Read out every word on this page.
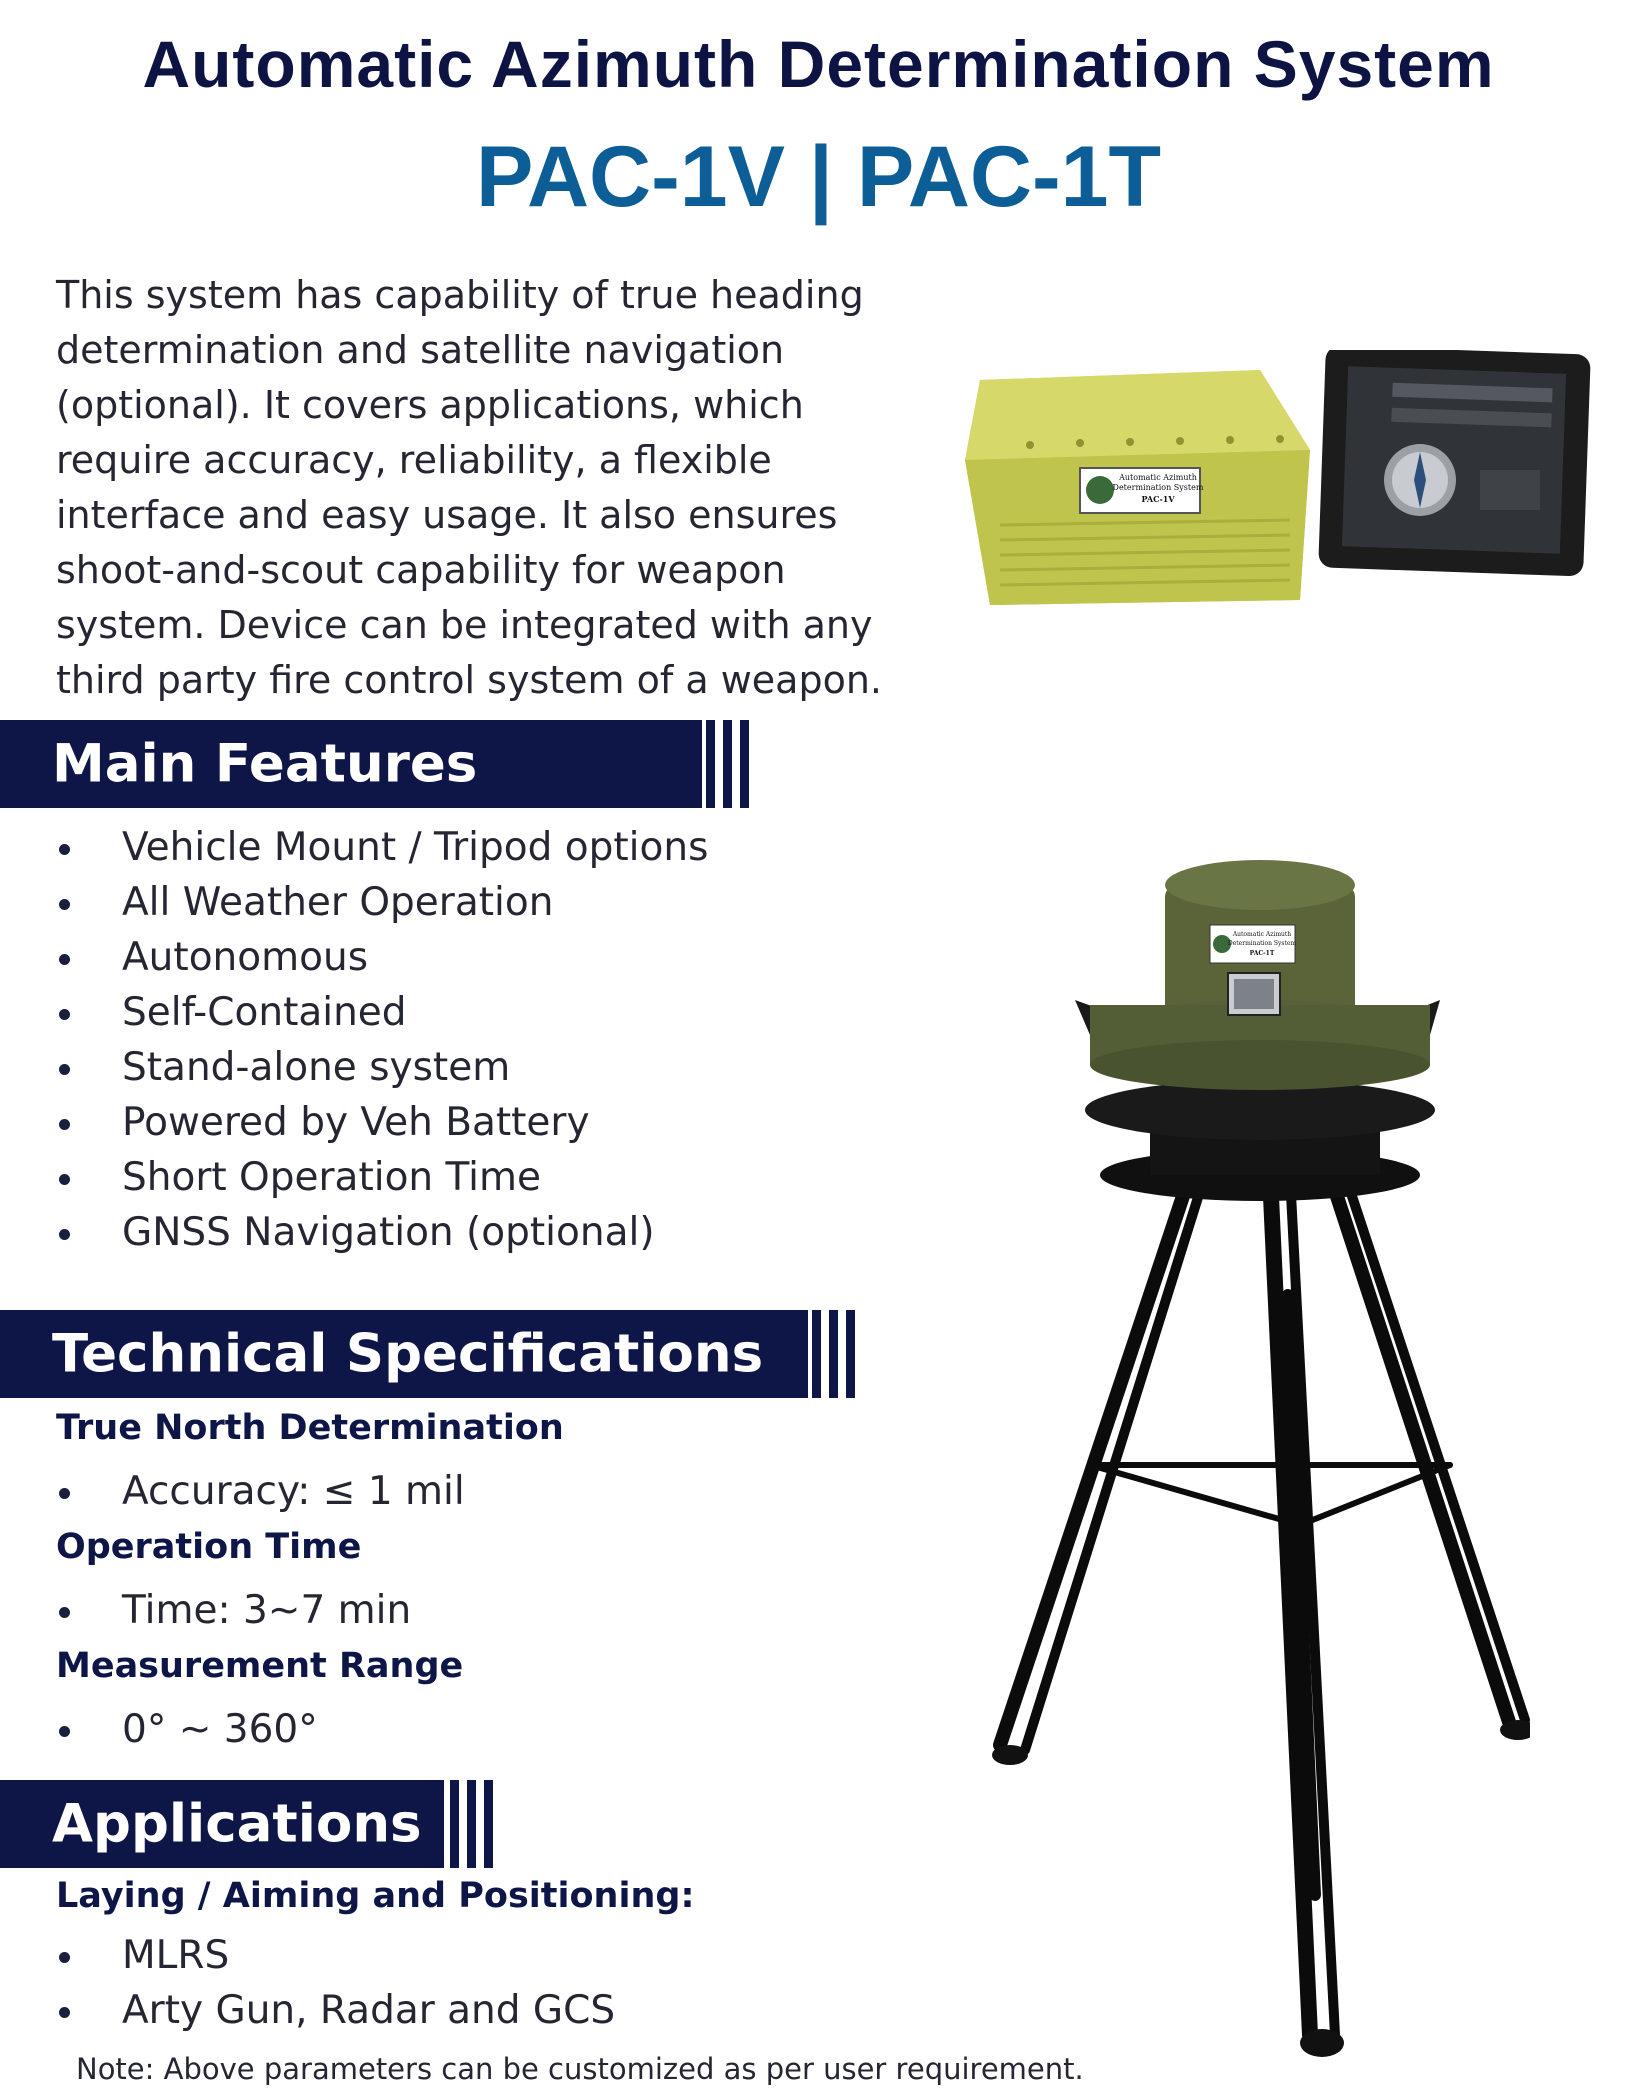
Automatic Azimuth Determination System
PAC-1V | PAC-1T
This system has capability of true heading
determination and satellite navigation
(optional). It covers applications, which
require accuracy, reliability, a flexible
interface and easy usage. It also ensures
shoot-and-scout capability for weapon
system. Device can be integrated with any
third party fire control system of a weapon.
Automatic Azimuth
Determination System
PAC-1V
Main Features
Vehicle Mount / Tripod options
All Weather Operation
Autonomous
Self-Contained
Stand-alone system
Powered by Veh Battery
Short Operation Time
GNSS Navigation (optional)
Technical Specifications
True North Determination
Accuracy: ≤ 1 mil
Operation Time
Time: 3~7 min
Measurement Range
0° ~ 360°
Applications
Laying / Aiming and Positioning:
MLRS
Arty Gun, Radar and GCS
Automatic Azimuth
Determination System
PAC-1T
Note: Above parameters can be customized as per user requirement.
